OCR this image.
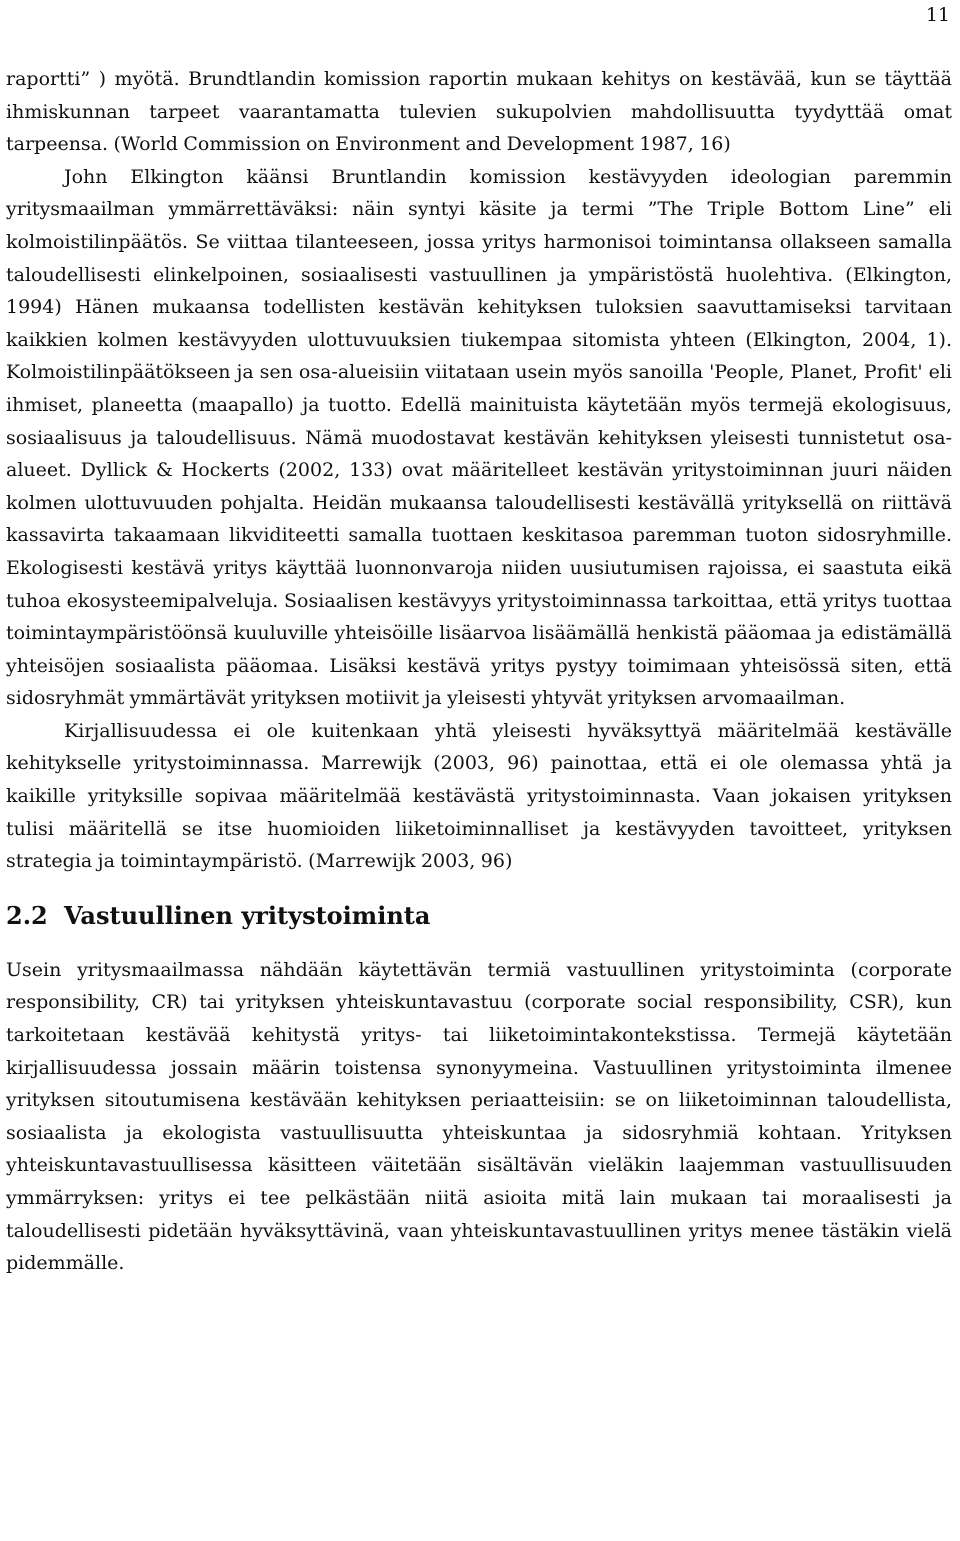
11

raportti” ) myötä. Brundtlandin komission raportin mukaan kehitys on kestävää, kun se täyttää ihmiskunnan tarpeet vaarantamatta tulevien sukupolvien mahdollisuutta tyydyttää omat tarpeensa. (World Commission on Environment and Development 1987, 16)

John Elkington käänsi Bruntlandin komission kestävyyden ideologian paremmin yritysmaailman ymmärrettäväksi: näin syntyi käsite ja termi ”The Triple Bottom Line” eli kolmoistilinpäätös. Se viittaa tilanteeseen, jossa yritys harmonisoi toimintansa ollakseen samalla taloudellisesti elinkelpoinen, sosiaalisesti vastuullinen ja ympäristöstä huolehtiva. (Elkington, 1994) Hänen mukaansa todellisten kestävän kehityksen tuloksien saavuttamiseksi tarvitaan kaikkien kolmen kestävyyden ulottuvuuksien tiukempaa sitomista yhteen (Elkington, 2004, 1). Kolmoistilinpäätökseen ja sen osa-alueisiin viitataan usein myös sanoilla 'People, Planet, Profit' eli ihmiset, planeetta (maapallo) ja tuotto. Edellä mainituista käytetään myös termejä ekologisuus, sosiaalisuus ja taloudellisuus. Nämä muodostavat kestävän kehityksen yleisesti tunnistetut osa-alueet. Dyllick & Hockerts (2002, 133) ovat määritelleet kestävän yritystoiminnan juuri näiden kolmen ulottuvuuden pohjalta. Heidän mukaansa taloudellisesti kestävällä yrityksellä on riittävä kassavirta takaamaan likviditeetti samalla tuottaen keskitasoa paremman tuoton sidosryhmille. Ekologisesti kestävä yritys käyttää luonnonvaroja niiden uusiutumisen rajoissa, ei saastuta eikä tuhoa ekosysteemipalveluja. Sosiaalisen kestävyys yritystoiminnassa tarkoittaa, että yritys tuottaa toimintaympäristöönsä kuuluville yhteisöille lisäarvoa lisäämällä henkistä pääomaa ja edistämällä yhteisöjen sosiaalista pääomaa. Lisäksi kestävä yritys pystyy toimimaan yhteisössä siten, että sidosryhmät ymmärtävät yrityksen motiivit ja yleisesti yhtyvät yrityksen arvomaailman.

Kirjallisuudessa ei ole kuitenkaan yhtä yleisesti hyväksyttyä määritelmää kestävälle kehitykselle yritystoiminnassa. Marrewijk (2003, 96) painottaa, että ei ole olemassa yhtä ja kaikille yrityksille sopivaa määritelmää kestävästä yritystoiminnasta. Vaan jokaisen yrityksen tulisi määritellä se itse huomioiden liiketoiminnalliset ja kestävyyden tavoitteet, yrityksen strategia ja toimintaympäristö. (Marrewijk 2003, 96)

2.2 Vastuullinen yritystoiminta

Usein yritysmaailmassa nähdään käytettävän termiä vastuullinen yritystoiminta (corporate responsibility, CR) tai yrityksen yhteiskuntavastuu (corporate social responsibility, CSR), kun tarkoitetaan kestävää kehitystä yritys- tai liiketoimintakontekstissa. Termejä käytetään kirjallisuudessa jossain määrin toistensa synonyymeina. Vastuullinen yritystoiminta ilmenee yrityksen sitoutumisena kestävään kehityksen periaatteisiin: se on liiketoiminnan taloudellista, sosiaalista ja ekologista vastuullisuutta yhteiskuntaa ja sidosryhmiä kohtaan. Yrityksen yhteiskuntavastuullisessa käsitteen väitetään sisältävän vieläkin laajemman vastuullisuuden ymmärryksen: yritys ei tee pelkästään niitä asioita mitä lain mukaan tai moraalisesti ja taloudellisesti pidetään hyväksyttävinä, vaan yhteiskuntavastuullinen yritys menee tästäkin vielä pidemmälle.
